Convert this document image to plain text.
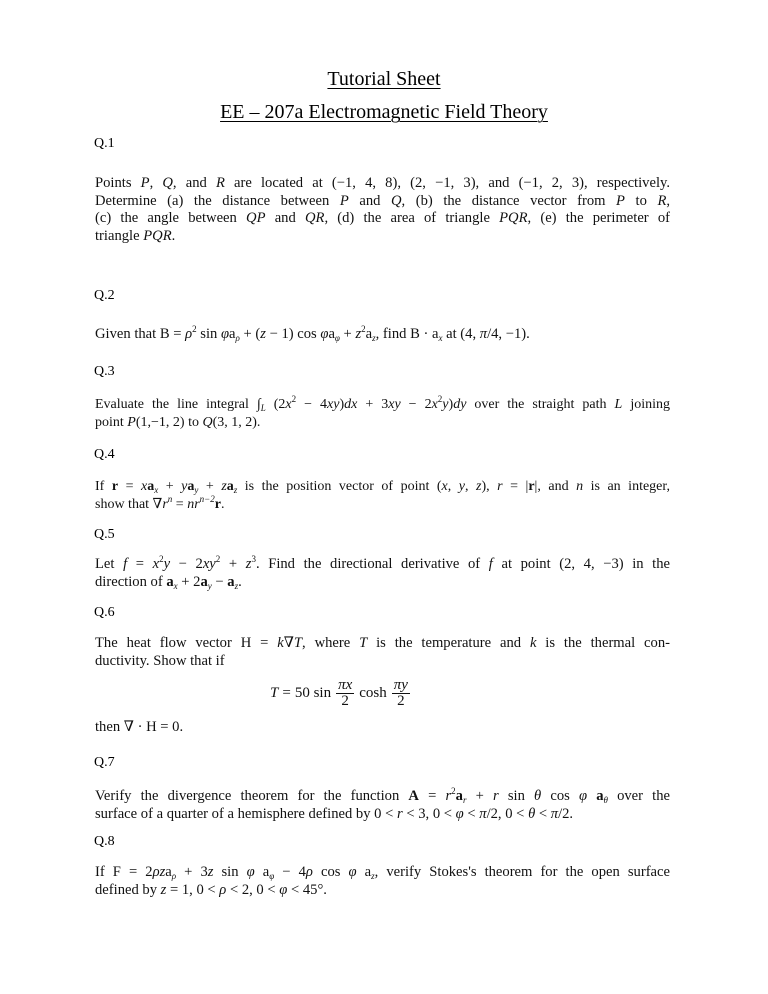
Tutorial Sheet
EE – 207a Electromagnetic Field Theory
Q.1
Points P, Q, and R are located at (−1, 4, 8), (2, −1, 3), and (−1, 2, 3), respectively.
Determine (a) the distance between P and Q, (b) the distance vector from P to R,
(c) the angle between QP and QR, (d) the area of triangle PQR, (e) the perimeter of
triangle PQR.
Q.2
Given that $B = \rho^2$ $\sin \varphi a_\rho + (z - 1)$ $\cos \varphi a_\varphi + z^2a_z$, find $B \cdot a_x$ at (4, π/4, −1).
Q.3
Evaluate the line integral $\int_L$ $(2x^2 - 4xy)dx + 3xy - 2x^2y)dy$ over the straight path L joining
point P(1,−1, 2) to Q(3, 1, 2).
Q.4
If $r = xa_x + ya_y + za_z$ is the position vector of point (x, y, z), r = |r|, and n is an integer,
show that $\nabla r^n = nr^{n-2}r$.
Q.5
Let $f = x^2y - 2xy^2 + z^3$. Find the directional derivative of f at point (2, 4, −3) in the
direction of $a_x + 2a_y - a_z$.
Q.6
The heat flow vector H = k∇T, where T is the temperature and k is the thermal con-
ductivity. Show that if
T = 50 $\sin \frac{\pi x}{2}$ $\cosh \frac{\pi y}{2}$
then ∇ · H = 0.
Q.7
Verify the divergence theorem for the function $A = r^2a_r + r$ sin θ cos φ $a_\theta$ over the
surface of a quarter of a hemisphere defined by 0 < r < 3, 0 < φ < π/2, 0 < θ < π/2.
Q.8
If F = 2ρza$_\rho$ + 3z sin φ $a_\varphi - 4\rho$ cos φ $a_z$, verify Stokes's theorem for the open surface
defined by z = 1, 0 < ρ < 2, 0 < φ < 45°.
